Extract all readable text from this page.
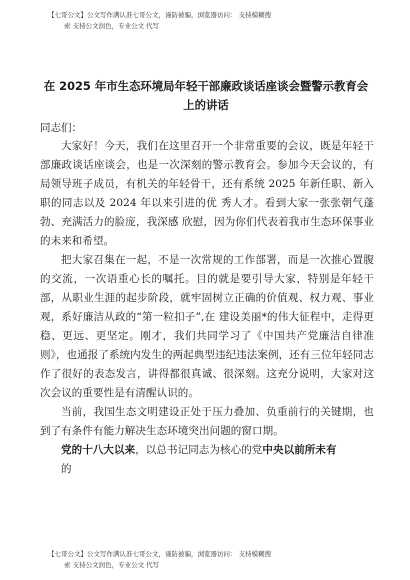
【七哥公文】公文写作满认准七哥公文，谨防被骗，浏览器访问： 支持模糊搜

索 支持公文润色，专业公文 代写
在 2025 年市生态环境局年轻干部廉政谈话座谈会暨警示教育会上的讲话
同志们：

大家好！今天，我们在这里召开一个非常重要的会议，既是年轻干部廉政谈话座谈会，也是一次深刻的警示教育会。参加今天会议的，有局领导班子成员，有机关的年轻骨干，还有系统 2025 年新任职、新入职的同志以及 2024 年以来引进的优 秀人才。看到大家一张张朝气蓬勃、充满活力的脸庞，我深感 欣慰，因为你们代表着我市生态环保事业的未来和希望。

把大家召集在一起，不是一次常规的工作部署，而是一次推心置腹的交流，一次语重心长的嘱托。目的就是要引导大家，特别是年轻干部，从职业生涯的起步阶段，就牢固树立正确的价值观、权力观、事业观，系好廉洁从政的“第一粒扣子”,在 建设美丽*的伟大征程中，走得更稳、更远、更坚定。刚才，我们共同学习了《中国共产党廉洁自律准则》，也通报了系统内发生的两起典型违纪违法案例，还有三位年轻同志作了很好的表态发言，讲得都很真诚、很深刻。这充分说明，大家对这次会议的重要性是有清醒认识的。

当前，我国生态文明建设正处于压力叠加、负重前行的关键期，也到了有条件有能力解决生态环境突出问题的窗口期。

党的十八大以来，以总书记同志为核心的党中央以前所未有

的

【七哥公文】公文写作满认准七哥公文，谨防被骗，浏览器访问： 支持模糊搜
索 支持公文润色，专业公文 代写
